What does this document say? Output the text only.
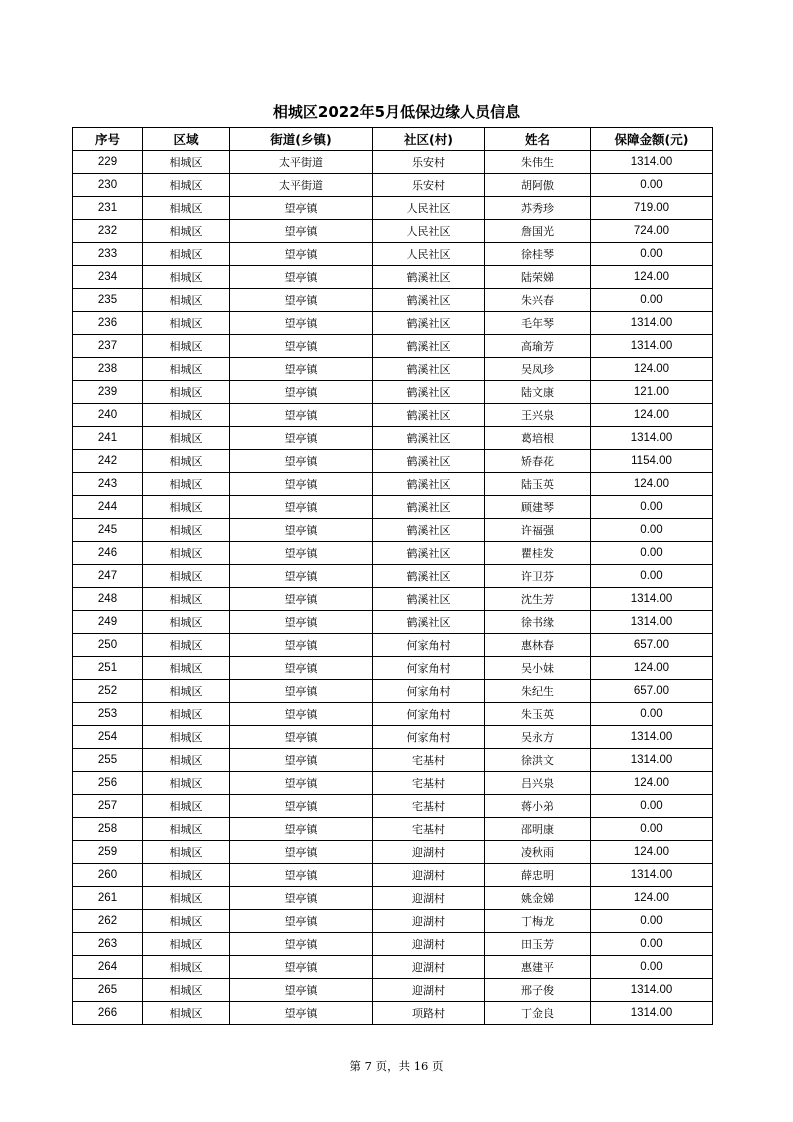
相城区2022年5月低保边缘人员信息
序号	区域	街道(乡镇)	社区(村)	姓名	保障金额(元)
229	相城区	太平街道	乐安村	朱伟生	1314.00
230	相城区	太平街道	乐安村	胡阿傲	0.00
231	相城区	望亭镇	人民社区	苏秀珍	719.00
232	相城区	望亭镇	人民社区	詹国光	724.00
233	相城区	望亭镇	人民社区	徐桂琴	0.00
234	相城区	望亭镇	鹤溪社区	陆荣娣	124.00
235	相城区	望亭镇	鹤溪社区	朱兴春	0.00
236	相城区	望亭镇	鹤溪社区	毛年琴	1314.00
237	相城区	望亭镇	鹤溪社区	高瑜芳	1314.00
238	相城区	望亭镇	鹤溪社区	吴凤珍	124.00
239	相城区	望亭镇	鹤溪社区	陆文康	121.00
240	相城区	望亭镇	鹤溪社区	王兴泉	124.00
241	相城区	望亭镇	鹤溪社区	葛培根	1314.00
242	相城区	望亭镇	鹤溪社区	矫春花	1154.00
243	相城区	望亭镇	鹤溪社区	陆玉英	124.00
244	相城区	望亭镇	鹤溪社区	顾建琴	0.00
245	相城区	望亭镇	鹤溪社区	许福强	0.00
246	相城区	望亭镇	鹤溪社区	瞿桂发	0.00
247	相城区	望亭镇	鹤溪社区	许卫芬	0.00
248	相城区	望亭镇	鹤溪社区	沈生芳	1314.00
249	相城区	望亭镇	鹤溪社区	徐书缘	1314.00
250	相城区	望亭镇	何家角村	惠林春	657.00
251	相城区	望亭镇	何家角村	吴小妹	124.00
252	相城区	望亭镇	何家角村	朱纪生	657.00
253	相城区	望亭镇	何家角村	朱玉英	0.00
254	相城区	望亭镇	何家角村	吴永方	1314.00
255	相城区	望亭镇	宅基村	徐洪文	1314.00
256	相城区	望亭镇	宅基村	吕兴泉	124.00
257	相城区	望亭镇	宅基村	蒋小弟	0.00
258	相城区	望亭镇	宅基村	邵明康	0.00
259	相城区	望亭镇	迎湖村	凌秋雨	124.00
260	相城区	望亭镇	迎湖村	薛忠明	1314.00
261	相城区	望亭镇	迎湖村	姚金娣	124.00
262	相城区	望亭镇	迎湖村	丁梅龙	0.00
263	相城区	望亭镇	迎湖村	田玉芳	0.00
264	相城区	望亭镇	迎湖村	惠建平	0.00
265	相城区	望亭镇	迎湖村	邢子俊	1314.00
266	相城区	望亭镇	项路村	丁金良	1314.00
第 7 页，共 16 页
